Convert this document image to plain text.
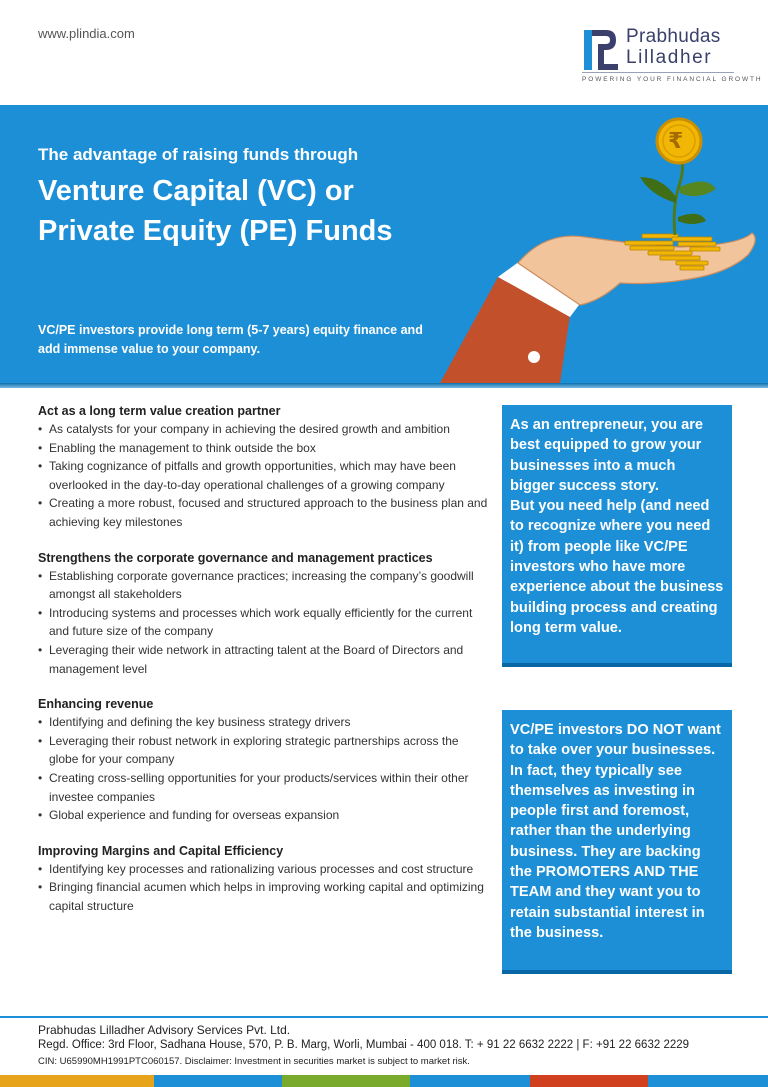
www.plindia.com	Prabhudas
Lilladher
POWERING YOUR FINANCIAL GROWTH
₹
The advantage of raising funds through
Venture Capital (VC) or
Private Equity (PE) Funds
VC/PE investors provide long term (5-7 years) equity finance and add immense value to your company.
Act as a long term value creation partner
• As catalysts for your company in achieving the desired growth and ambition
• Enabling the management to think outside the box
• Taking cognizance of pitfalls and growth opportunities, which may have been overlooked in the day-to-day operational challenges of a growing company
• Creating a more robust, focused and structured approach to the business plan and achieving key milestones
Strengthens the corporate governance and management practices
• Establishing corporate governance practices; increasing the company’s goodwill amongst all stakeholders
• Introducing systems and processes which work equally efficiently for the current and future size of the company
• Leveraging their wide network in attracting talent at the Board of Directors and management level
Enhancing revenue
• Identifying and defining the key business strategy drivers
• Leveraging their robust network in exploring strategic partnerships across the globe for your company
• Creating cross-selling opportunities for your products/services within their other investee companies
• Global experience and funding for overseas expansion
Improving Margins and Capital Efficiency
• Identifying key processes and rationalizing various processes and cost structure
• Bringing financial acumen which helps in improving working capital and optimizing capital structure

As an entrepreneur, you are best equipped to grow your businesses into a much bigger success story.

But you need help (and need to recognize where you need it) from people like VC/PE investors who have more experience about the business building process and creating long term value.

VC/PE investors DO NOT want to take over your businesses. In fact, they typically see themselves as investing in people first and foremost, rather than the underlying business. They are backing the PROMOTERS AND THE TEAM and they want you to retain substantial interest in the business.

Prabhudas Lilladher Advisory Services Pvt. Ltd.
Regd. Office: 3rd Floor, Sadhana House, 570, P. B. Marg, Worli, Mumbai - 400 018. T: + 91 22 6632 2222 | F: +91 22 6632 2229
CIN: U65990MH1991PTC060157. Disclaimer: Investment in securities market is subject to market risk.
